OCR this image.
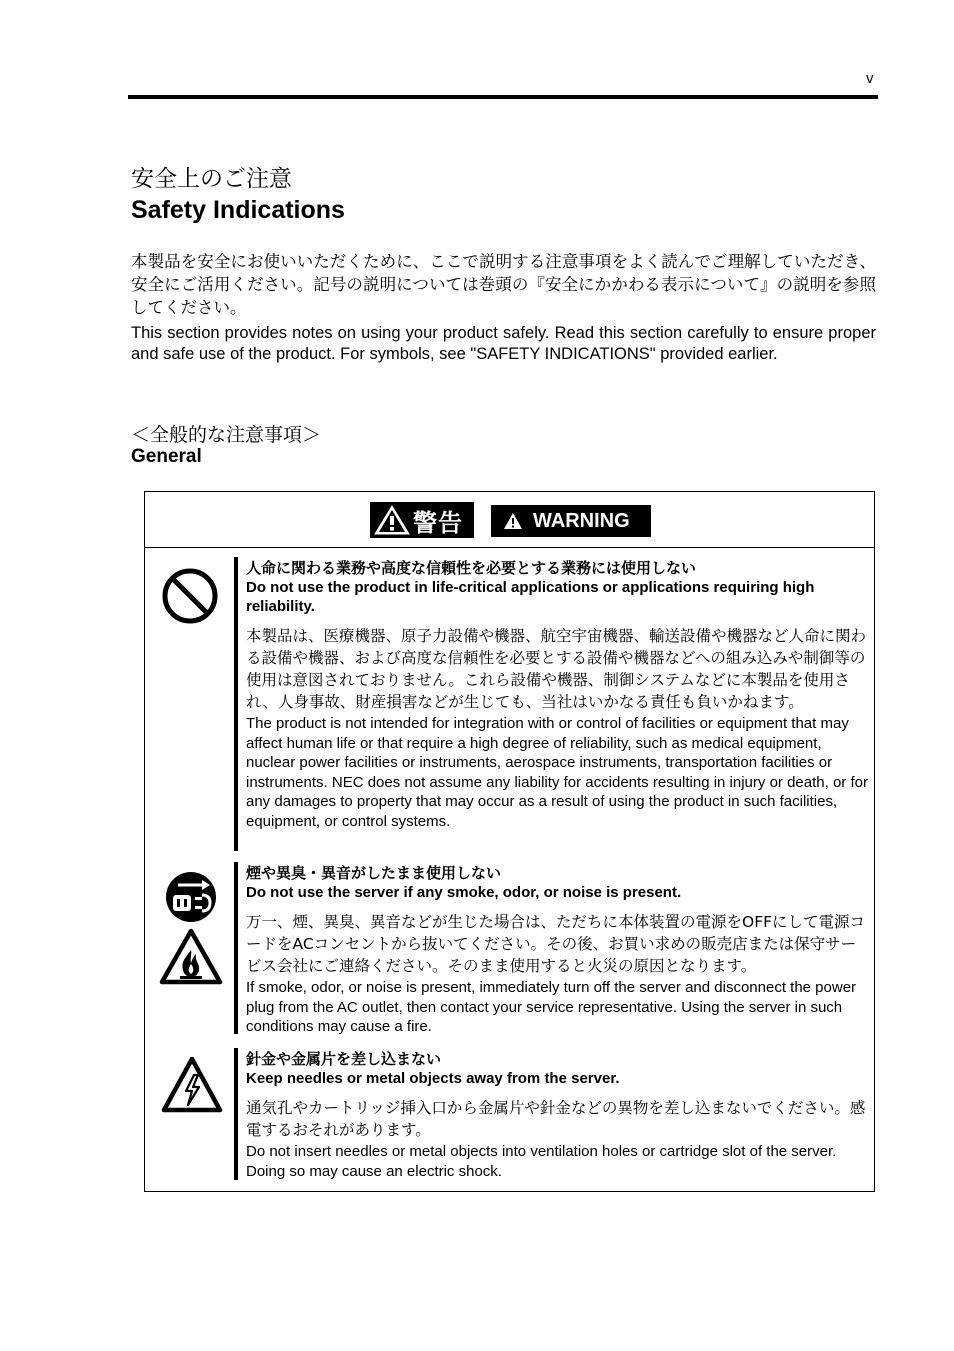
v
安全上のご注意
Safety Indications
本製品を安全にお使いいただくために、ここで説明する注意事項をよく読んでご理解していただき、安全にご活用ください。記号の説明については巻頭の『安全にかかわる表示について』の説明を参照してください。
This section provides notes on using your product safely. Read this section carefully to ensure proper and safe use of the product. For symbols, see "SAFETY INDICATIONS" provided earlier.
＜全般的な注意事項＞
General
警告	WARNING

人命に関わる業務や高度な信頼性を必要とする業務には使用しない

Do not use the product in life-critical applications or applications requiring high reliability.

本製品は、医療機器、原子力設備や機器、航空宇宙機器、輸送設備や機器など人命に関わる設備や機器、および高度な信頼性を必要とする設備や機器などへの組み込みや制御等の使用は意図されておりません。これら設備や機器、制御システムなどに本製品を使用され、人身事故、財産損害などが生じても、当社はいかなる責任も負いかねます。

The product is not intended for integration with or control of facilities or equipment that may affect human life or that require a high degree of reliability, such as medical equipment, nuclear power facilities or instruments, aerospace instruments, transportation facilities or instruments. NEC does not assume any liability for accidents resulting in injury or death, or for any damages to property that may occur as a result of using the product in such facilities, equipment, or control systems.

煙や異臭・異音がしたまま使用しない

Do not use the server if any smoke, odor, or noise is present.

万一、煙、異臭、異音などが生じた場合は、ただちに本体装置の電源をOFFにして電源コードをACコンセントから抜いてください。その後、お買い求めの販売店または保守サービス会社にご連絡ください。そのまま使用すると火災の原因となります。

If smoke, odor, or noise is present, immediately turn off the server and disconnect the power plug from the AC outlet, then contact your service representative. Using the server in such conditions may cause a fire.

針金や金属片を差し込まない

Keep needles or metal objects away from the server.

通気孔やカートリッジ挿入口から金属片や針金などの異物を差し込まないでください。感電するおそれがあります。

Do not insert needles or metal objects into ventilation holes or cartridge slot of the server. Doing so may cause an electric shock.
